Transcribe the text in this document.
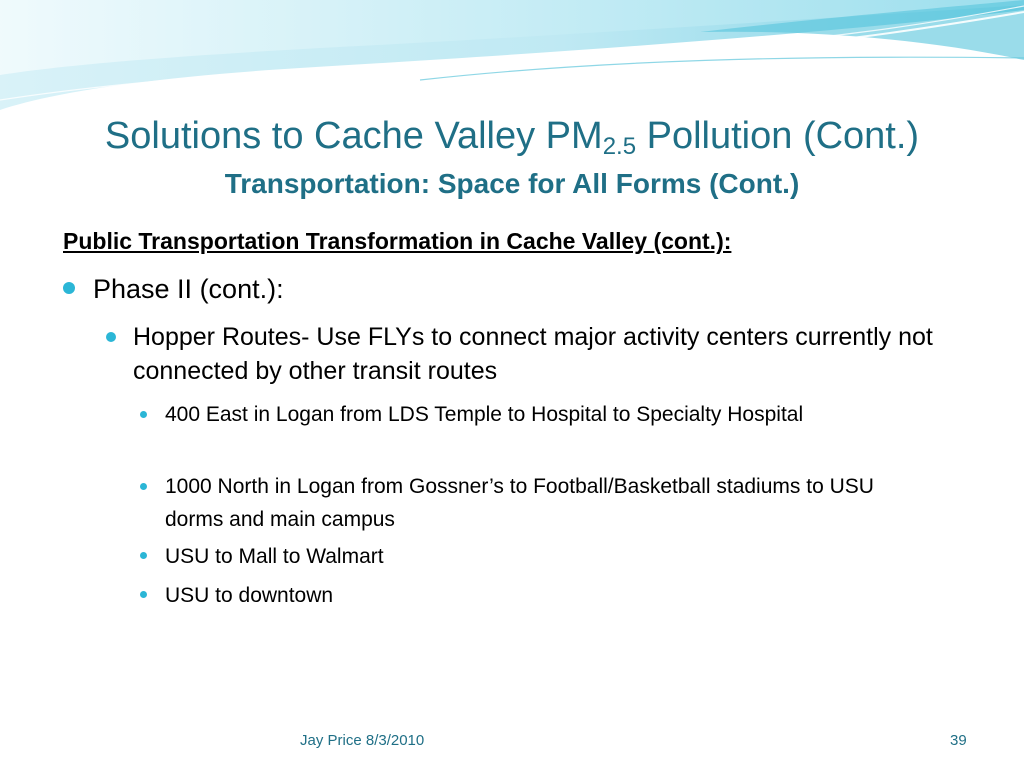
Solutions to Cache Valley $PM_{2.5}$ Pollution (Cont.)
Transportation: Space for All Forms (Cont.)
Public Transportation Transformation in Cache Valley (cont.):
Phase II (cont.):
Hopper Routes- Use FLYs to connect major activity centers currently not connected by other transit routes
400 East in Logan from LDS Temple to Hospital to Specialty Hospital
1000 North in Logan from Gossner’s to Football/Basketball stadiums to USU dorms and main campus
USU to Mall to Walmart
USU to downtown
Jay Price 8/3/2010	39
